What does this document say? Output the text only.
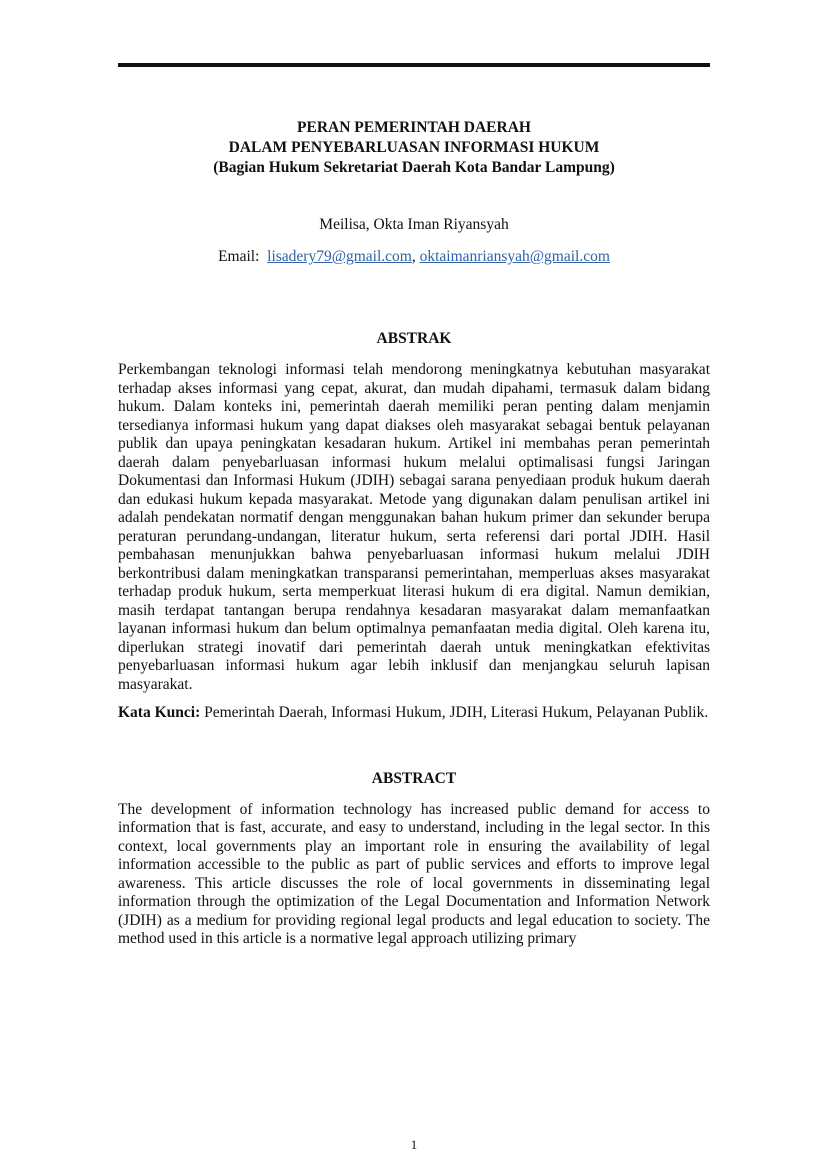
PERAN PEMERINTAH DAERAH
DALAM PENYEBARLUASAN INFORMASI HUKUM
(Bagian Hukum Sekretariat Daerah Kota Bandar Lampung)
Meilisa, Okta Iman Riyansyah
Email: lisadery79@gmail.com, oktaimanriansyah@gmail.com
ABSTRAK
Perkembangan teknologi informasi telah mendorong meningkatnya kebutuhan masyarakat terhadap akses informasi yang cepat, akurat, dan mudah dipahami, termasuk dalam bidang hukum. Dalam konteks ini, pemerintah daerah memiliki peran penting dalam menjamin tersedianya informasi hukum yang dapat diakses oleh masyarakat sebagai bentuk pelayanan publik dan upaya peningkatan kesadaran hukum. Artikel ini membahas peran pemerintah daerah dalam penyebarluasan informasi hukum melalui optimalisasi fungsi Jaringan Dokumentasi dan Informasi Hukum (JDIH) sebagai sarana penyediaan produk hukum daerah dan edukasi hukum kepada masyarakat. Metode yang digunakan dalam penulisan artikel ini adalah pendekatan normatif dengan menggunakan bahan hukum primer dan sekunder berupa peraturan perundang-undangan, literatur hukum, serta referensi dari portal JDIH. Hasil pembahasan menunjukkan bahwa penyebarluasan informasi hukum melalui JDIH berkontribusi dalam meningkatkan transparansi pemerintahan, memperluas akses masyarakat terhadap produk hukum, serta memperkuat literasi hukum di era digital. Namun demikian, masih terdapat tantangan berupa rendahnya kesadaran masyarakat dalam memanfaatkan layanan informasi hukum dan belum optimalnya pemanfaatan media digital. Oleh karena itu, diperlukan strategi inovatif dari pemerintah daerah untuk meningkatkan efektivitas penyebarluasan informasi hukum agar lebih inklusif dan menjangkau seluruh lapisan masyarakat.
Kata Kunci: Pemerintah Daerah, Informasi Hukum, JDIH, Literasi Hukum, Pelayanan Publik.
ABSTRACT
The development of information technology has increased public demand for access to information that is fast, accurate, and easy to understand, including in the legal sector. In this context, local governments play an important role in ensuring the availability of legal information accessible to the public as part of public services and efforts to improve legal awareness. This article discusses the role of local governments in disseminating legal information through the optimization of the Legal Documentation and Information Network (JDIH) as a medium for providing regional legal products and legal education to society. The method used in this article is a normative legal approach utilizing primary
1
